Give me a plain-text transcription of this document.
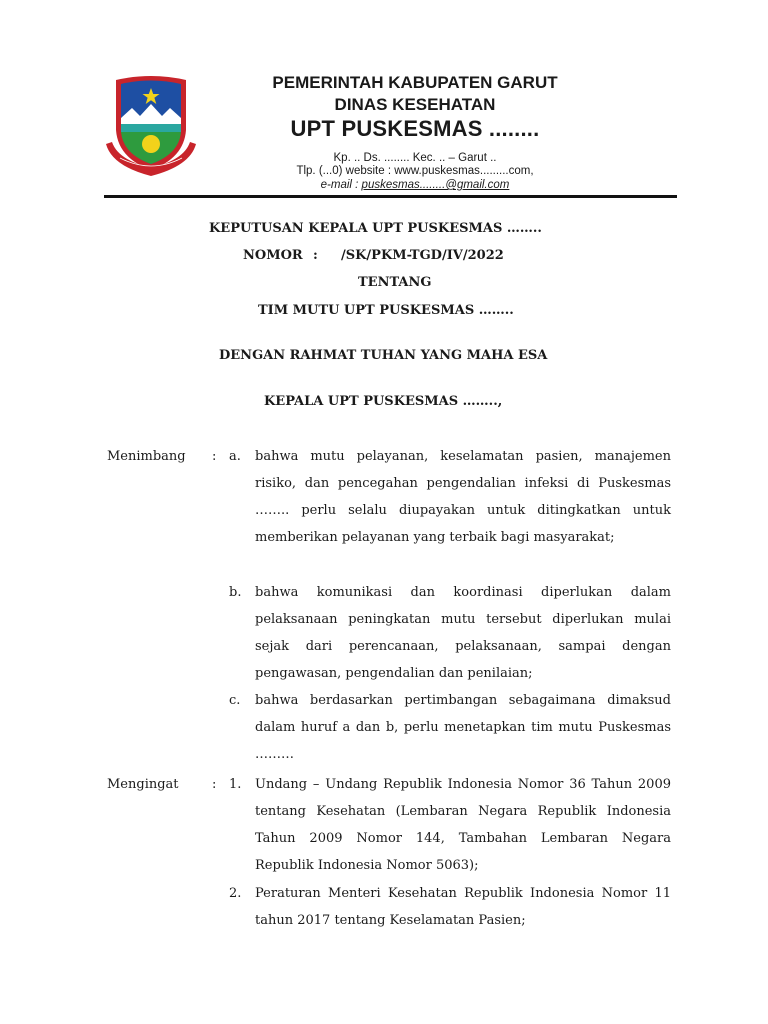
PEMERINTAH KABUPATEN GARUT
DINAS KESEHATAN
UPT PUSKESMAS ........
Kp. .. Ds. ........ Kec. .. – Garut ..
Tlp. (...0) website : www.puskesmas.........com,
e-mail : puskesmas........@gmail.com
KEPUTUSAN KEPALA UPT PUSKESMAS ……..
NOMOR : /SK/PKM-TGD/IV/2022
TENTANG
TIM MUTU UPT PUSKESMAS ……..
DENGAN RAHMAT TUHAN YANG MAHA ESA
KEPALA UPT PUSKESMAS ……..,
Menimbang : a.	bahwa mutu pelayanan, keselamatan pasien, manajemen risiko, dan pencegahan pengendalian infeksi di Puskesmas …….. perlu selalu diupayakan untuk ditingkatkan untuk memberikan pelayanan yang terbaik bagi masyarakat;

b.	bahwa komunikasi dan koordinasi diperlukan dalam pelaksanaan peningkatan mutu tersebut diperlukan mulai sejak dari perencanaan, pelaksanaan, sampai dengan pengawasan, pengendalian dan penilaian;

c.	bahwa berdasarkan pertimbangan sebagaimana dimaksud dalam huruf a dan b, perlu menetapkan tim mutu Puskesmas ………

Mengingat	: 1.	Undang – Undang Republik Indonesia Nomor 36 Tahun 2009 tentang Kesehatan (Lembaran Negara Republik Indonesia Tahun 2009 Nomor 144, Tambahan Lembaran Negara Republik Indonesia Nomor 5063);

2.	Peraturan Menteri Kesehatan Republik Indonesia Nomor 11 tahun 2017 tentang Keselamatan Pasien;
